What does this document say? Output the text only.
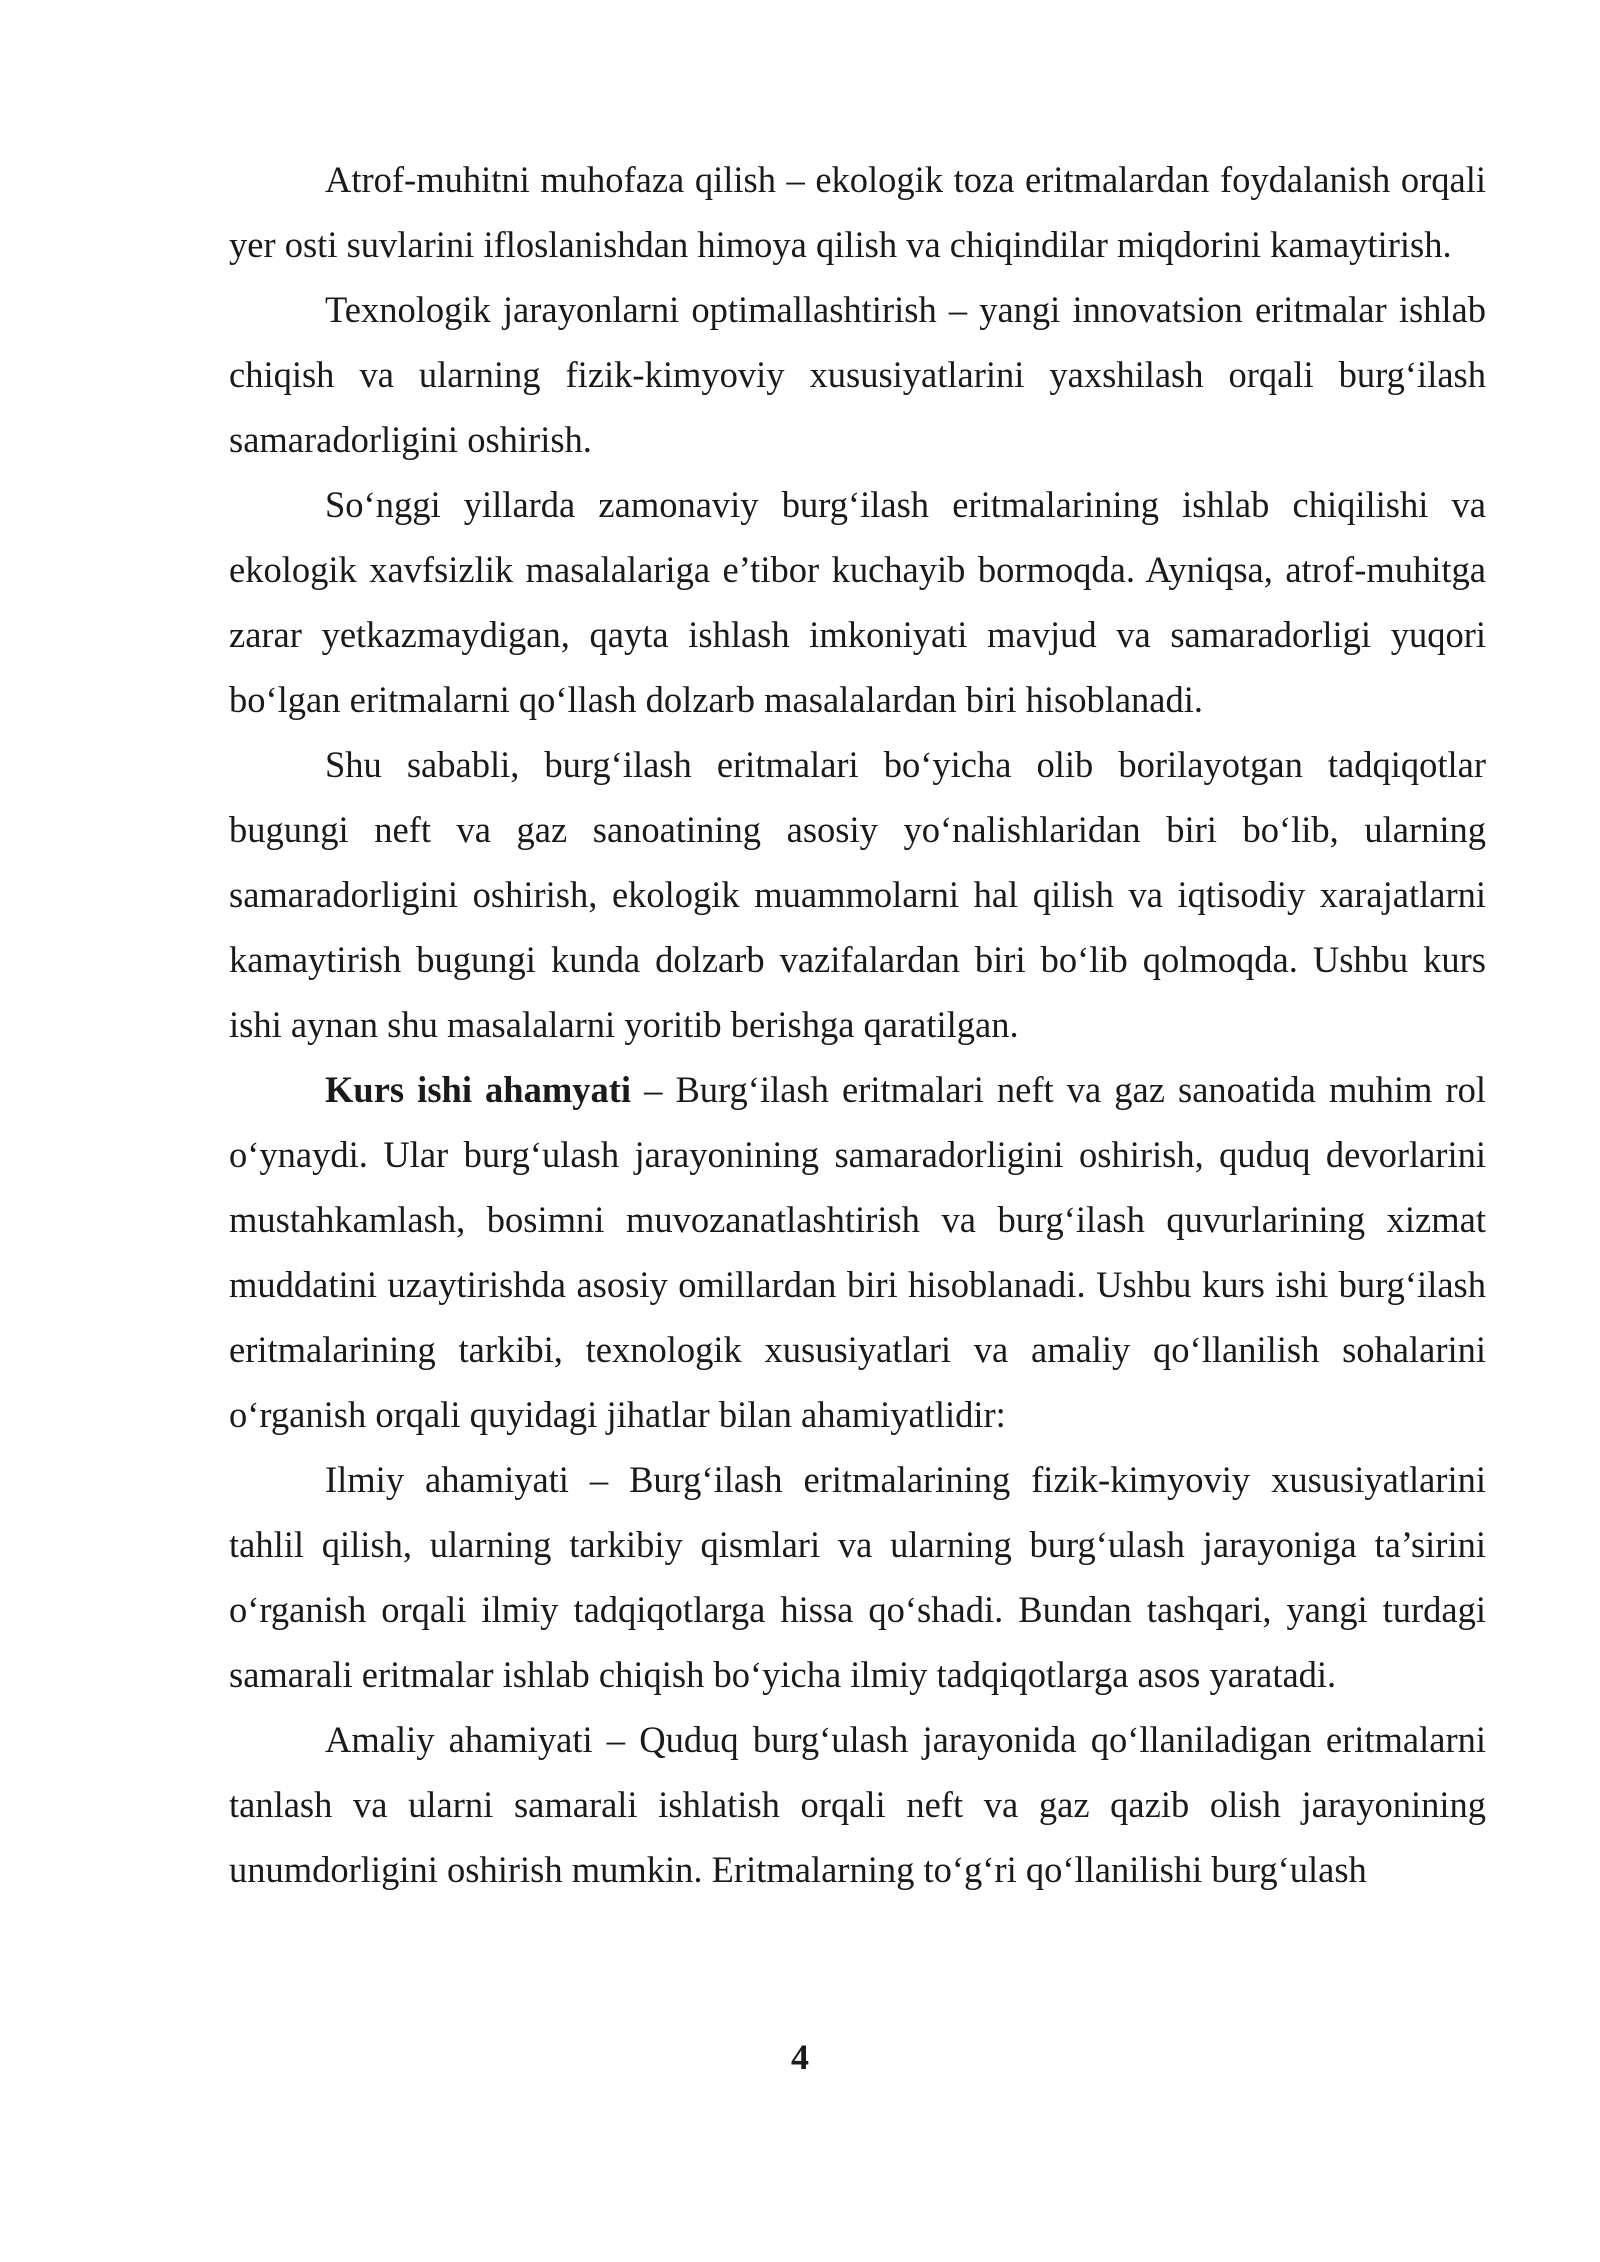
Atrof-muhitni muhofaza qilish – ekologik toza eritmalardan foydalanish orqali yer osti suvlarini ifloslanishdan himoya qilish va chiqindilar miqdorini kamaytirish.

Texnologik jarayonlarni optimallashtirish – yangi innovatsion eritmalar ishlab chiqish va ularning fizik-kimyoviy xususiyatlarini yaxshilash orqali burg‘ilash samaradorligini oshirish.

So‘nggi yillarda zamonaviy burg‘ilash eritmalarining ishlab chiqilishi va ekologik xavfsizlik masalalariga e’tibor kuchayib bormoqda. Ayniqsa, atrof-muhitga zarar yetkazmaydigan, qayta ishlash imkoniyati mavjud va samaradorligi yuqori bo‘lgan eritmalarni qo‘llash dolzarb masalalardan biri hisoblanadi.

Shu sababli, burg‘ilash eritmalari bo‘yicha olib borilayotgan tadqiqotlar bugungi neft va gaz sanoatining asosiy yo‘nalishlaridan biri bo‘lib, ularning samaradorligini oshirish, ekologik muammolarni hal qilish va iqtisodiy xarajatlarni kamaytirish bugungi kunda dolzarb vazifalardan biri bo‘lib qolmoqda. Ushbu kurs ishi aynan shu masalalarni yoritib berishga qaratilgan.

Kurs ishi ahamyati – Burg‘ilash eritmalari neft va gaz sanoatida muhim rol o‘ynaydi. Ular burg‘ulash jarayonining samaradorligini oshirish, quduq devorlarini mustahkamlash, bosimni muvozanatlashtirish va burg‘ilash quvurlarining xizmat muddatini uzaytirishda asosiy omillardan biri hisoblanadi. Ushbu kurs ishi burg‘ilash eritmalarining tarkibi, texnologik xususiyatlari va amaliy qo‘llanilish sohalarini o‘rganish orqali quyidagi jihatlar bilan ahamiyatlidir:

Ilmiy ahamiyati – Burg‘ilash eritmalarining fizik-kimyoviy xususiyatlarini tahlil qilish, ularning tarkibiy qismlari va ularning burg‘ulash jarayoniga ta’sirini o‘rganish orqali ilmiy tadqiqotlarga hissa qo‘shadi. Bundan tashqari, yangi turdagi samarali eritmalar ishlab chiqish bo‘yicha ilmiy tadqiqotlarga asos yaratadi.

Amaliy ahamiyati – Quduq burg‘ulash jarayonida qo‘llaniladigan eritmalarni tanlash va ularni samarali ishlatish orqali neft va gaz qazib olish jarayonining unumdorligini oshirish mumkin. Eritmalarning to‘g‘ri qo‘llanilishi burg‘ulash

4
